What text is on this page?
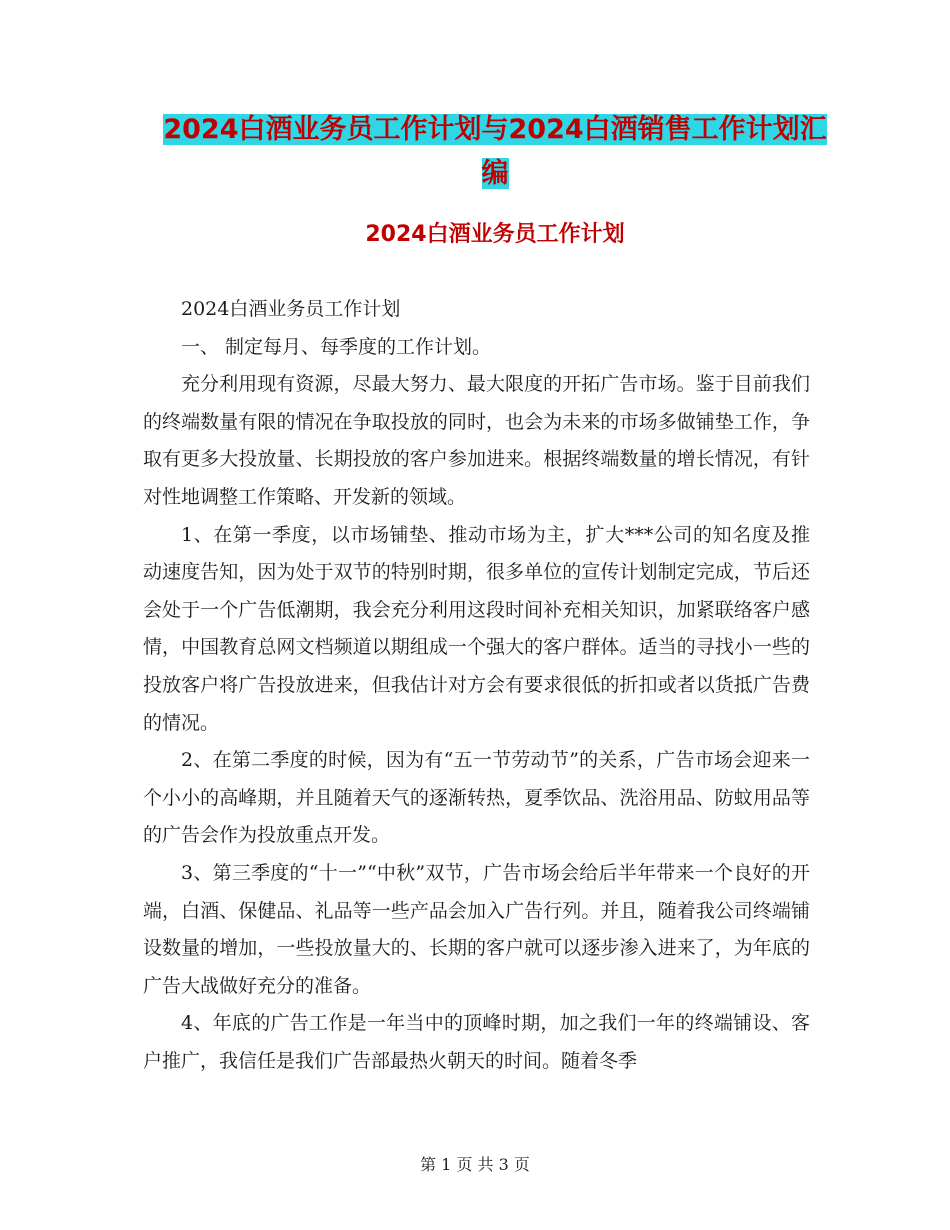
2024白酒业务员工作计划与2024白酒销售工作计划汇
编
2024白酒业务员工作计划

2024白酒业务员工作计划

一、 制定每月、每季度的工作计划。

充分利用现有资源，尽最大努力、最大限度的开拓广告市场。鉴于目前我们的终端数量有限的情况在争取投放的同时，也会为未来的市场多做铺垫工作，争取有更多大投放量、长期投放的客户参加进来。根据终端数量的增长情况，有针对性地调整工作策略、开发新的领域。

1、在第一季度，以市场铺垫、推动市场为主，扩大***公司的知名度及推动速度告知，因为处于双节的特别时期，很多单位的宣传计划制定完成，节后还会处于一个广告低潮期，我会充分利用这段时间补充相关知识，加紧联络客户感情，中国教育总网文档频道以期组成一个强大的客户群体。适当的寻找小一些的投放客户将广告投放进来，但我估计对方会有要求很低的折扣或者以货抵广告费的情况。

2、在第二季度的时候，因为有“五一节劳动节”的关系，广告市场会迎来一个小小的高峰期，并且随着天气的逐渐转热，夏季饮品、洗浴用品、防蚊用品等的广告会作为投放重点开发。

3、第三季度的“十一”“中秋”双节，广告市场会给后半年带来一个良好的开端，白酒、保健品、礼品等一些产品会加入广告行列。并且，随着我公司终端铺设数量的增加，一些投放量大的、长期的客户就可以逐步渗入进来了，为年底的广告大战做好充分的准备。

4、年底的广告工作是一年当中的顶峰时期，加之我们一年的终端铺设、客户推广，我信任是我们广告部最热火朝天的时间。随着冬季

第 1 页 共 3 页
